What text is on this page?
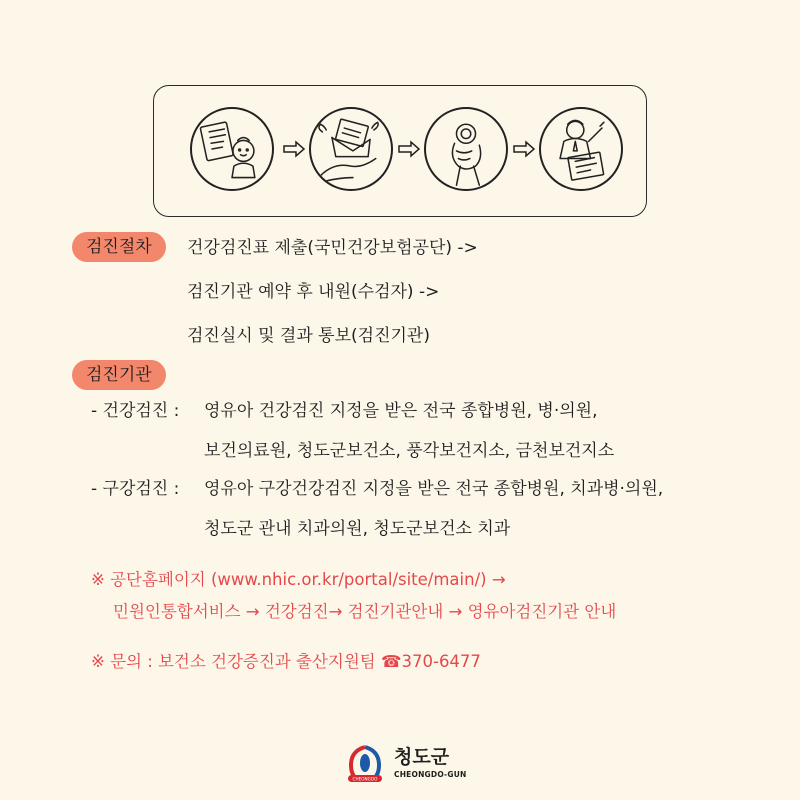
검진절차	건강검진표 제출(국민건강보험공단) ->
검진기관 예약 후 내원(수검자) ->
검진실시 및 결과 통보(검진기관)
검진기관
- 건강검진 : 영유아 건강검진 지정을 받은 전국 종합병원, 병·의원,
보건의료원, 청도군보건소, 풍각보건지소, 금천보건지소
- 구강검진 : 영유아 구강건강검진 지정을 받은 전국 종합병원, 치과병·의원,
청도군 관내 치과의원, 청도군보건소 치과
※ 공단홈페이지 (www.nhic.or.kr/portal/site/main/) →
민원인통합서비스 → 건강검진→ 검진기관안내 → 영유아검진기관 안내
※ 문의 : 보건소 건강증진과 출산지원팀 ☎370-6477
CHEONGDO
청도군
CHEONGDO-GUN
